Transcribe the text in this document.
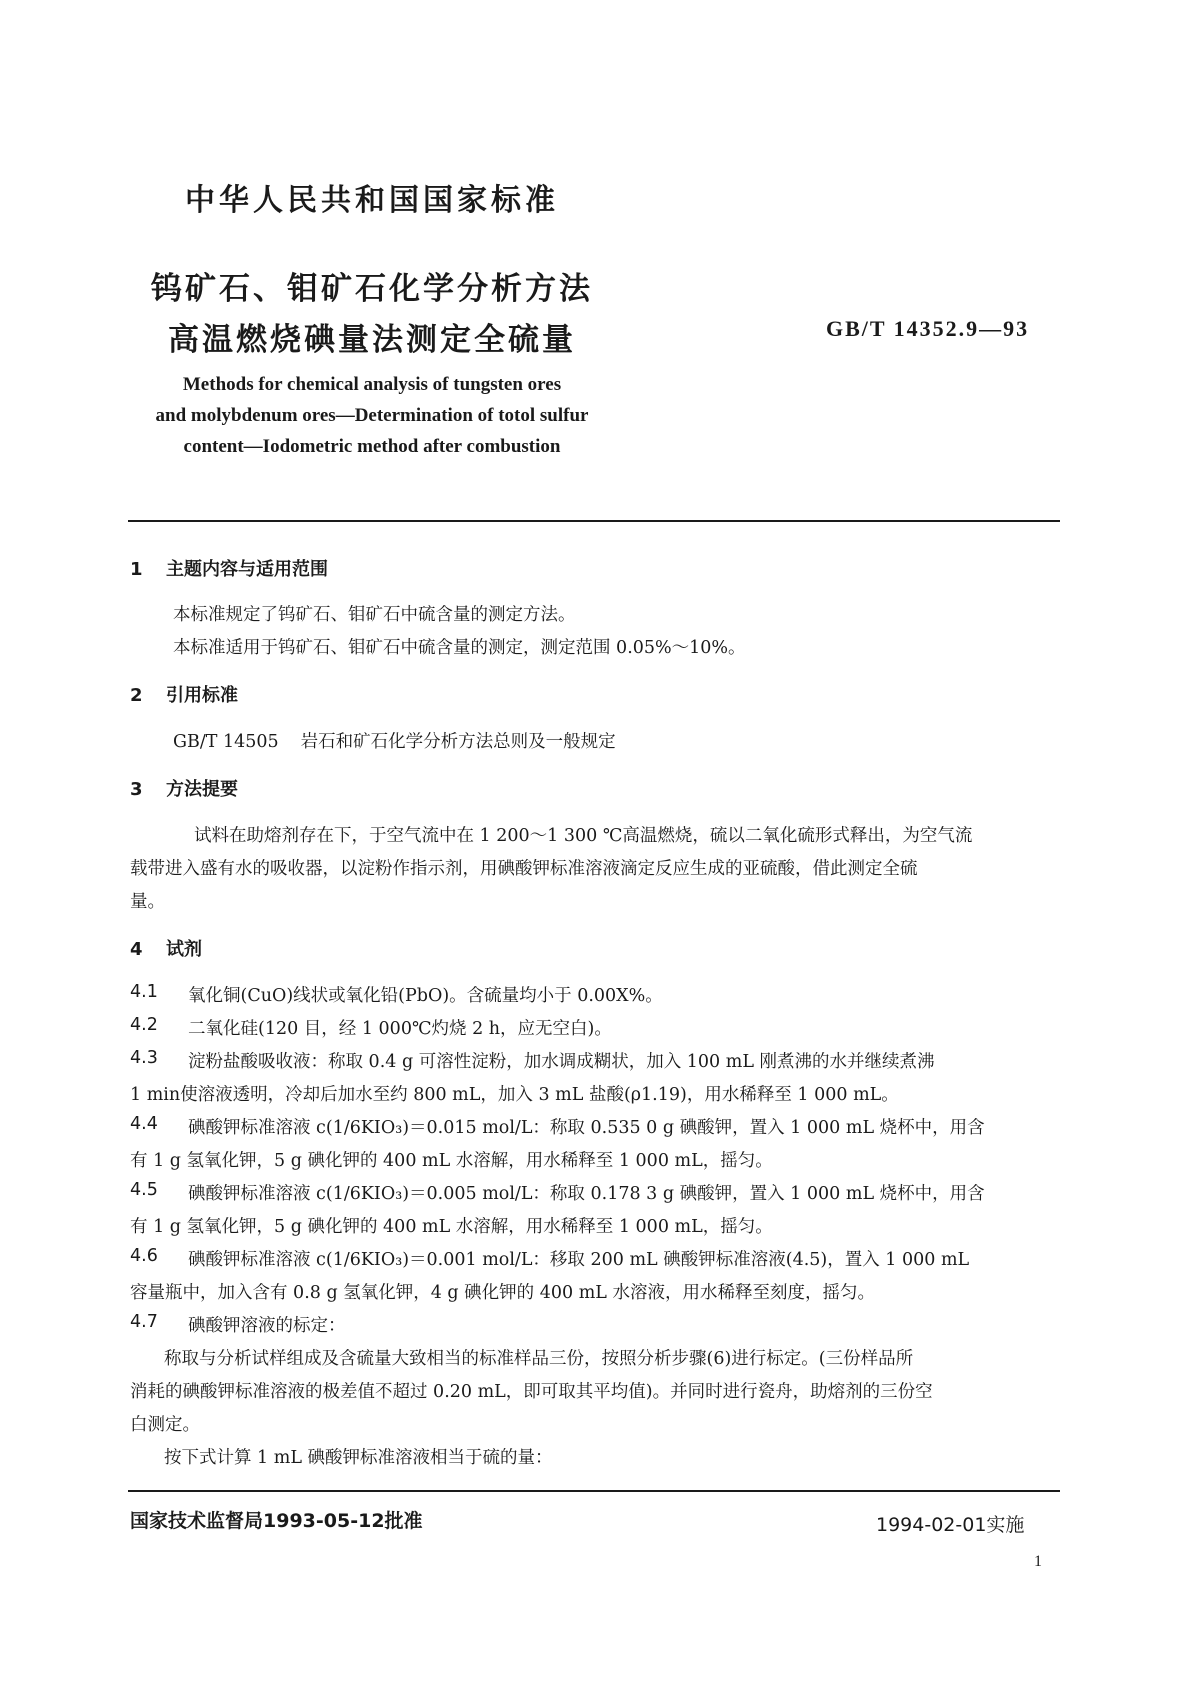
中华人民共和国国家标准

钨矿石、钼矿石化学分析方法

高温燃烧碘量法测定全硫量	GB/T 14352.9—93

Methods for chemical analysis of tungsten ores

and molybdenum ores—Determination of totol sulfur

content—Iodometric method after combustion

1 主题内容与适用范围

本标准规定了钨矿石、钼矿石中硫含量的测定方法。

本标准适用于钨矿石、钼矿石中硫含量的测定，测定范围 0.05%～10%。

2 引用标准

GB/T 14505 岩石和矿石化学分析方法总则及一般规定

3 方法提要

试料在助熔剂存在下，于空气流中在 1 200～1 300 ℃高温燃烧，硫以二氧化硫形式释出，为空气流

载带进入盛有水的吸收器，以淀粉作指示剂，用碘酸钾标准溶液滴定反应生成的亚硫酸，借此测定全硫

量。

4 试剂

4.1 氧化铜(CuO)线状或氧化铅(PbO)。含硫量均小于 0.00X%。

4.2 二氧化硅(120 目，经 1 000℃灼烧 2 h，应无空白)。

4.3 淀粉盐酸吸收液：称取 0.4 g 可溶性淀粉，加水调成糊状，加入 100 mL 刚煮沸的水并继续煮沸

1 min使溶液透明，冷却后加水至约 800 mL，加入 3 mL 盐酸(ρ1.19)，用水稀释至 1 000 mL。

4.4 碘酸钾标准溶液 c(1/6KIO₃)＝0.015 mol/L：称取 0.535 0 g 碘酸钾，置入 1 000 mL 烧杯中，用含

有 1 g 氢氧化钾，5 g 碘化钾的 400 mL 水溶解，用水稀释至 1 000 mL，摇匀。

4.5 碘酸钾标准溶液 c(1/6KIO₃)＝0.005 mol/L：称取 0.178 3 g 碘酸钾，置入 1 000 mL 烧杯中，用含

有 1 g 氢氧化钾，5 g 碘化钾的 400 mL 水溶解，用水稀释至 1 000 mL，摇匀。

4.6 碘酸钾标准溶液 c(1/6KIO₃)＝0.001 mol/L：移取 200 mL 碘酸钾标准溶液(4.5)，置入 1 000 mL

容量瓶中，加入含有 0.8 g 氢氧化钾，4 g 碘化钾的 400 mL 水溶液，用水稀释至刻度，摇匀。

4.7 碘酸钾溶液的标定：

称取与分析试样组成及含硫量大致相当的标准样品三份，按照分析步骤(6)进行标定。(三份样品所

消耗的碘酸钾标准溶液的极差值不超过 0.20 mL，即可取其平均值)。并同时进行瓷舟，助熔剂的三份空

白测定。

按下式计算 1 mL 碘酸钾标准溶液相当于硫的量：

国家技术监督局1993-05-12批准	1994-02-01实施

1
